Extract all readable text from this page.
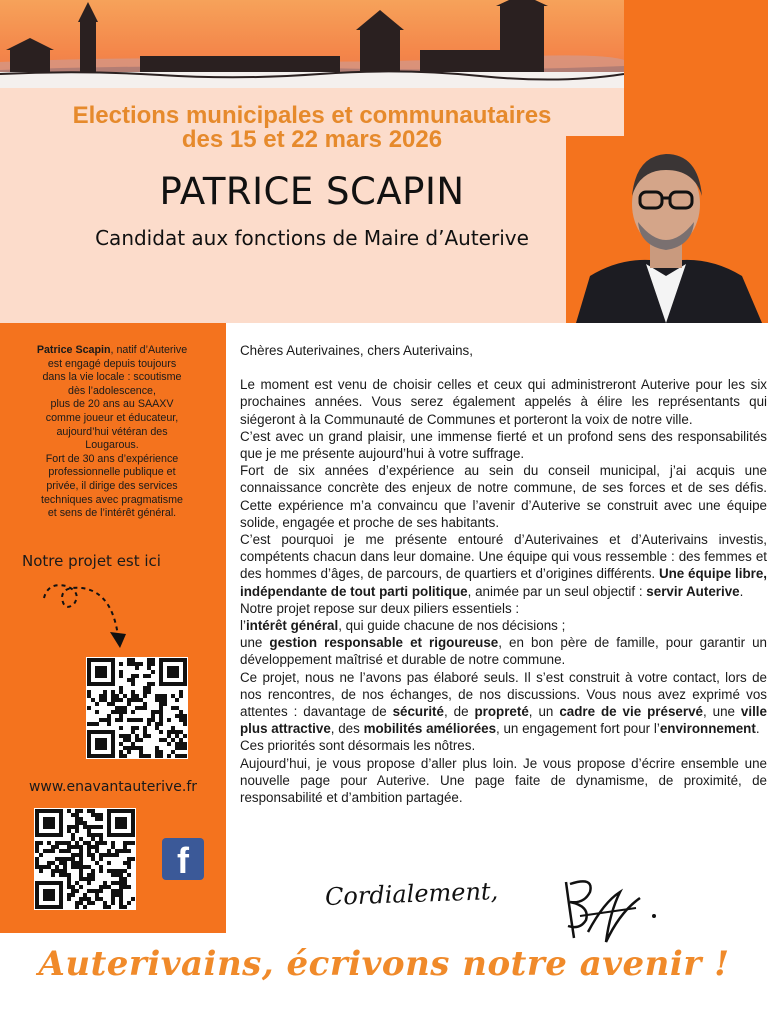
Elections municipales et communautaires
des 15 et 22 mars 2026
PATRICE SCAPIN
Candidat aux fonctions de Maire d’Auterive
Patrice Scapin, natif d’Auterive
est engagé depuis toujours
dans la vie locale : scoutisme
dès l’adolescence,
plus de 20 ans au SAAXV
comme joueur et éducateur,
aujourd’hui vétéran des
Lougarous.
Fort de 30 ans d’expérience
professionnelle publique et
privée, il dirige des services
techniques avec pragmatisme
et sens de l’intérêt général.
Notre projet est ici
www.enavantauterive.fr
f

Chères Auterivaines, chers Auterivains,

Le moment est venu de choisir celles et ceux qui administreront Auterive pour les six prochaines années. Vous serez également appelés à élire les représentants qui siégeront à la Communauté de Communes et porteront la voix de notre ville.

C’est avec un grand plaisir, une immense fierté et un profond sens des responsabilités que je me présente aujourd’hui à votre suffrage.

Fort de six années d’expérience au sein du conseil municipal, j’ai acquis une connaissance concrète des enjeux de notre commune, de ses forces et de ses défis. Cette expérience m’a convaincu que l’avenir d’Auterive se construit avec une équipe solide, engagée et proche de ses habitants.

C’est pourquoi je me présente entouré d’Auterivaines et d’Auterivains investis, compétents chacun dans leur domaine. Une équipe qui vous ressemble : des femmes et des hommes d’âges, de parcours, de quartiers et d’origines différents. Une équipe libre, indépendante de tout parti politique, animée par un seul objectif : servir Auterive.

Notre projet repose sur deux piliers essentiels :

l’intérêt général, qui guide chacune de nos décisions ;

une gestion responsable et rigoureuse, en bon père de famille, pour garantir un développement maîtrisé et durable de notre commune.

Ce projet, nous ne l’avons pas élaboré seuls. Il s’est construit à votre contact, lors de nos rencontres, de nos échanges, de nos discussions. Vous nous avez exprimé vos attentes : davantage de sécurité, de propreté, un cadre de vie préservé, une ville plus attractive, des mobilités améliorées, un engagement fort pour l’environnement.

Ces priorités sont désormais les nôtres.

Aujourd’hui, je vous propose d’aller plus loin. Je vous propose d’écrire ensemble une nouvelle page pour Auterive. Une page faite de dynamisme, de proximité, de responsabilité et d’ambition partagée.

Cordialement,
Auterivains, écrivons notre avenir !
